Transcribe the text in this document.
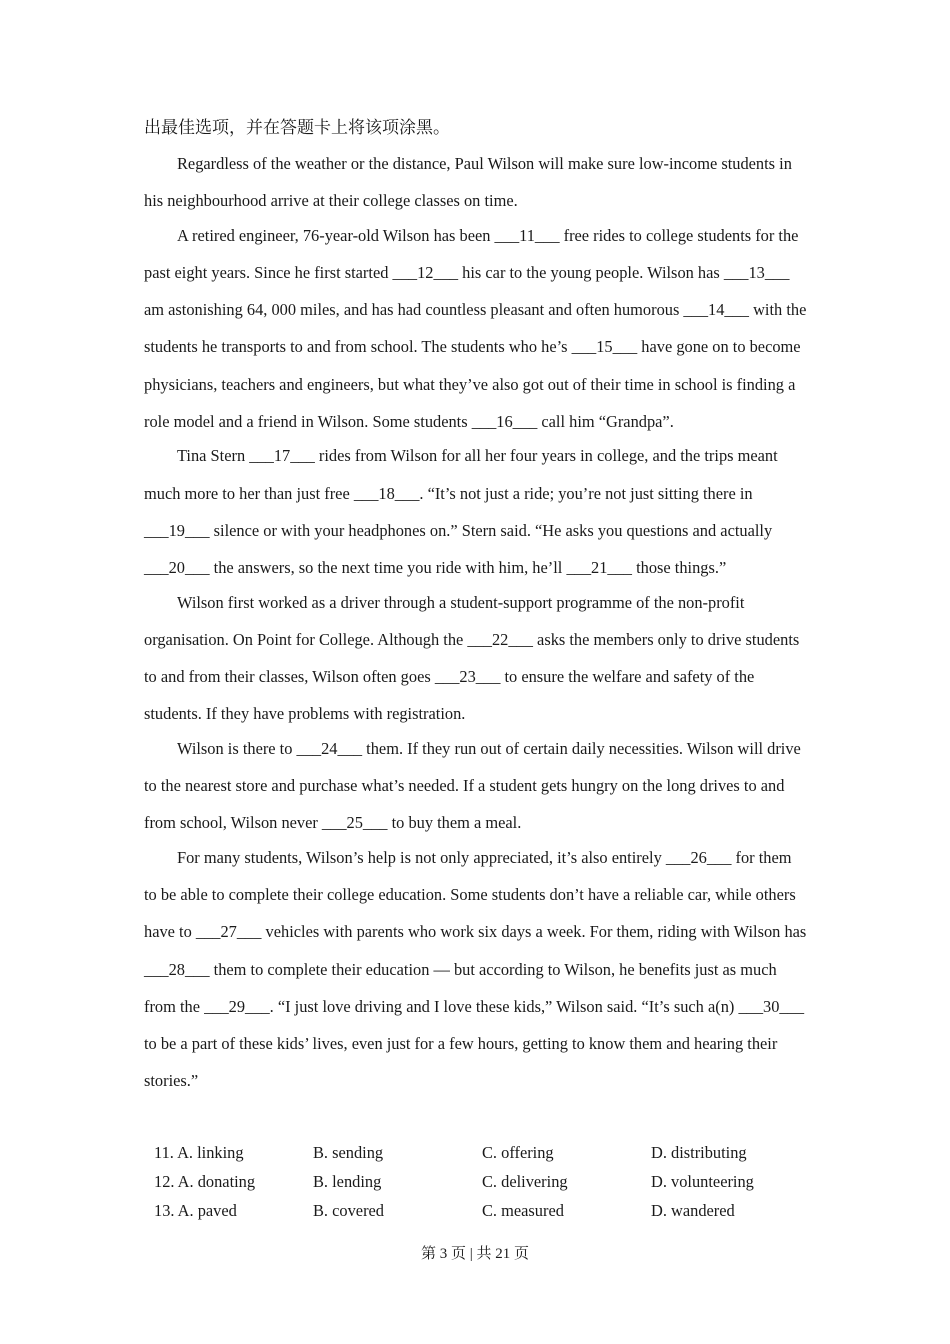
出最佳选项，并在答题卡上将该项涂黑。

Regardless of the weather or the distance, Paul Wilson will make sure low-income students in his neighbourhood arrive at their college classes on time.

A retired engineer, 76-year-old Wilson has been ___11___ free rides to college students for the past eight years. Since he first started ___12___ his car to the young people. Wilson has ___13___ am astonishing 64, 000 miles, and has had countless pleasant and often humorous ___14___ with the students he transports to and from school. The students who he’s ___15___ have gone on to become physicians, teachers and engineers, but what they’ve also got out of their time in school is finding a role model and a friend in Wilson. Some students ___16___ call him “Grandpa”.

Tina Stern ___17___ rides from Wilson for all her four years in college, and the trips meant much more to her than just free ___18___. “It’s not just a ride; you’re not just sitting there in ___19___ silence or with your headphones on.” Stern said. “He asks you questions and actually ___20___ the answers, so the next time you ride with him, he’ll ___21___ those things.”

Wilson first worked as a driver through a student-support programme of the non-profit organisation. On Point for College. Although the ___22___ asks the members only to drive students to and from their classes, Wilson often goes ___23___ to ensure the welfare and safety of the students. If they have problems with registration.

Wilson is there to ___24___ them. If they run out of certain daily necessities. Wilson will drive to the nearest store and purchase what’s needed. If a student gets hungry on the long drives to and from school, Wilson never ___25___ to buy them a meal.

For many students, Wilson’s help is not only appreciated, it’s also entirely ___26___ for them to be able to complete their college education. Some students don’t have a reliable car, while others have to ___27___ vehicles with parents who work six days a week. For them, riding with Wilson has ___28___ them to complete their education — but according to Wilson, he benefits just as much from the ___29___. “I just love driving and I love these kids,” Wilson said. “It’s such a(n) ___30___ to be a part of these kids’ lives, even just for a few hours, getting to know them and hearing their stories.”

11. A. linking	B. sending	C. offering	D. distributing
12. A. donating	B. lending	C. delivering	D. volunteering
13. A. paved	B. covered	C. measured	D. wandered
第 3 页 | 共 21 页
